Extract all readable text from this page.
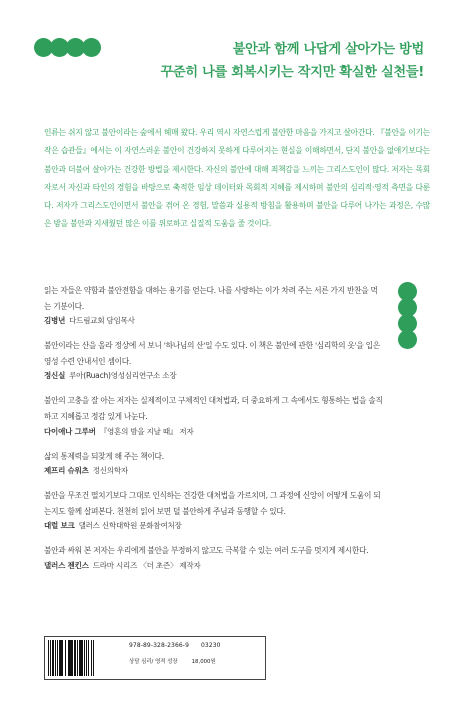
불안과 함께 나답게 살아가는 방법
꾸준히 나를 회복시키는 작지만 확실한 실천들!

인류는 쉬지 않고 불안이라는 숲에서 헤매 왔다. 우리 역시 자연스럽게 불안한 마음을 가지고 살아간다. 『불안을 이기는 작은 습관들』에서는 이 자연스러운 불안이 건강하지 못하게 다루어지는 현실을 이해하면서, 단지 불안을 없애기보다는 불안과 더불어 살아가는 건강한 방법을 제시한다. 자신의 불안에 대해 죄책감을 느끼는 그리스도인이 많다. 저자는 목회자로서 자신과 타인의 경험을 바탕으로 축적한 임상 데이터와 목회적 지혜를 제시하며 불안의 심리적·영적 측면을 다룬다. 저자가 그리스도인이면서 불안을 겪어 온 경험, 말씀과 실용적 방침을 활용하며 불안을 다루어 나가는 과정은, 수많은 밤을 불안과 지새웠던 많은 이를 위로하고 실질적 도움을 줄 것이다.

읽는 자들은 약함과 불안전함을 대하는 용기를 얻는다. 나를 사랑하는 이가 차려 주는 서른 가지 반찬을 먹는 기분이다.

김병년 다드림교회 담임목사

불안이라는 산을 올라 정상에 서 보니 '하나님의 산'일 수도 있다. 이 책은 불안에 관한 '심리학의 옷'을 입은 영성 수련 안내서인 셈이다.

정신실 루아(Ruach)영성심리연구소 소장

불안의 고충을 잘 아는 저자는 실제적이고 구체적인 대처법과, 더 중요하게 그 속에서도 형통하는 법을 솔직하고 지혜롭고 정감 있게 나눈다.

다이애나 그루버 『영혼의 밤을 지날 때』 저자

삶의 통제력을 되찾게 해 주는 책이다.

제프리 슈워츠 정신의학자

불안을 무조건 떨치기보다 그대로 인식하는 건강한 대처법을 가르치며, 그 과정에 신앙이 어떻게 도움이 되는지도 함께 살펴본다. 천천히 읽어 보면 덜 불안하게 주님과 동행할 수 있다.

대럴 보크 댈러스 신학대학원 문화참여처장

불안과 싸워 본 저자는 우리에게 불안을 부정하지 않고도 극복할 수 있는 여러 도구를 멋지게 제시한다.

댈러스 젠킨스 드라마 시리즈 〈더 초즌〉 제작자

978-89-328-2366-9 03230
상담 심리/ 영적 성장	18,000원
